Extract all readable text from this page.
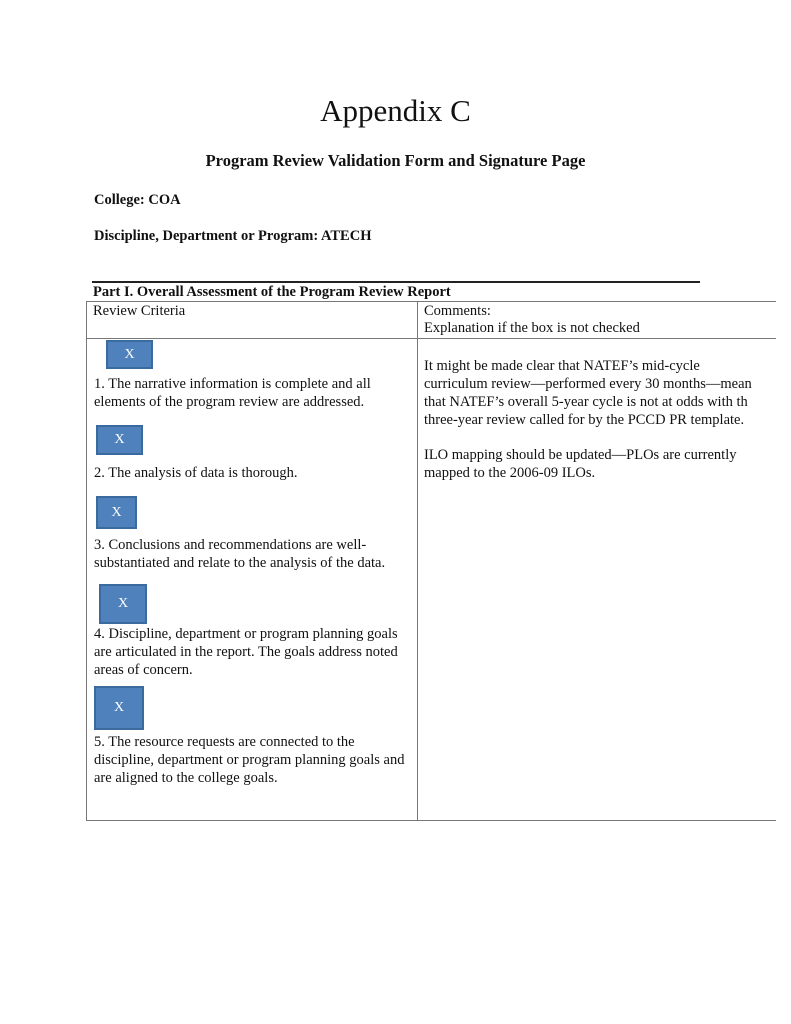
Appendix C
Program Review Validation Form and Signature Page
College: COA
Discipline, Department or Program: ATECH
Part I. Overall Assessment of the Program Review Report
Review Criteria	Comments:
Explanation if the box is not checked
X
1. The narrative information is complete and all elements of the program review are addressed.
X
2. The analysis of data is thorough.
X
3. Conclusions and recommendations are well-substantiated and relate to the analysis of the data.
X
4. Discipline, department or program planning goals are articulated in the report. The goals address noted areas of concern.
X
5. The resource requests are connected to the discipline, department or program planning goals and are aligned to the college goals.
It might be made clear that NATEF’s mid-cycle
curriculum review—performed every 30 months—mean
that NATEF’s overall 5-year cycle is not at odds with th
three-year review called for by the PCCD PR template.
ILO mapping should be updated—PLOs are currently
mapped to the 2006-09 ILOs.
